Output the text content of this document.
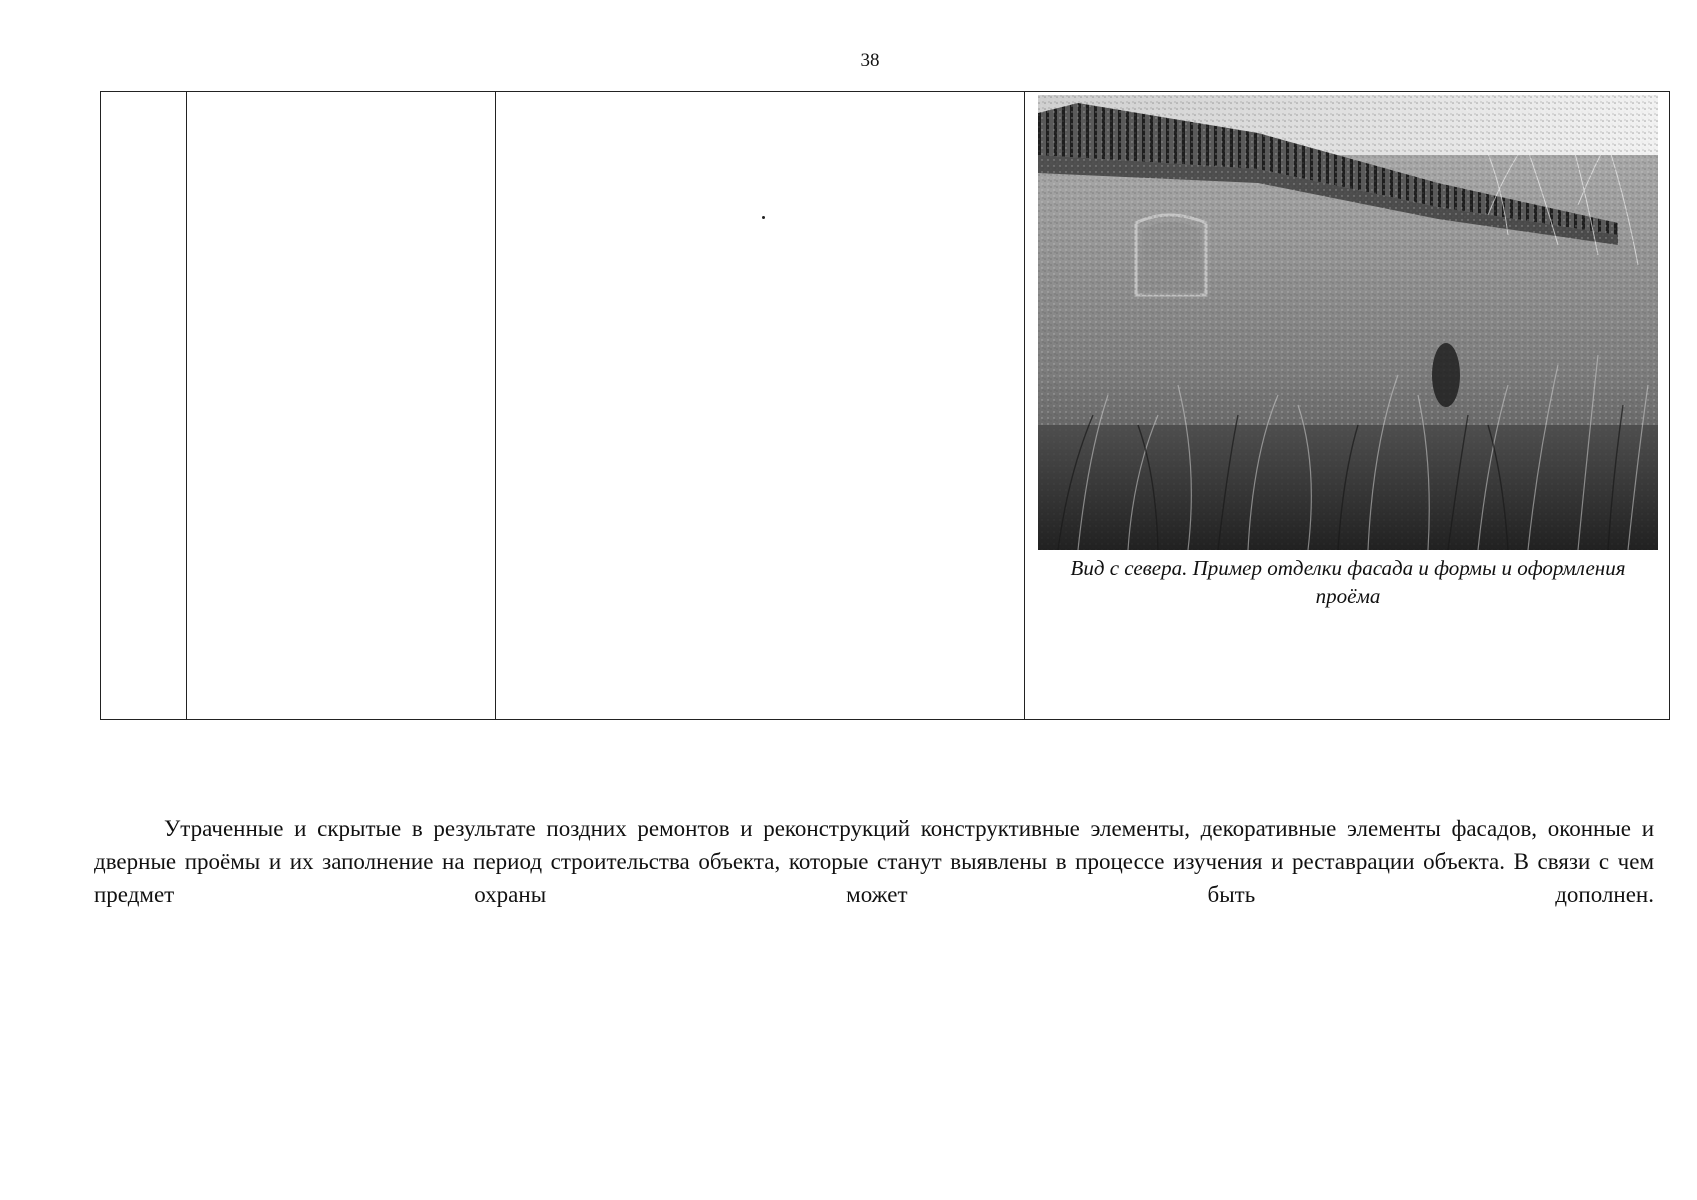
38
Вид с севера. Пример отделки фасада и формы и оформления проёма
Утраченные и скрытые в результате поздних ремонтов и реконструкций конструктивные элементы, декоративные элементы фасадов, оконные и дверные проёмы и их заполнение на период строительства объекта, которые станут выявлены в процессе изучения и реставрации объекта. В связи с чем предмет охраны может быть дополнен.
